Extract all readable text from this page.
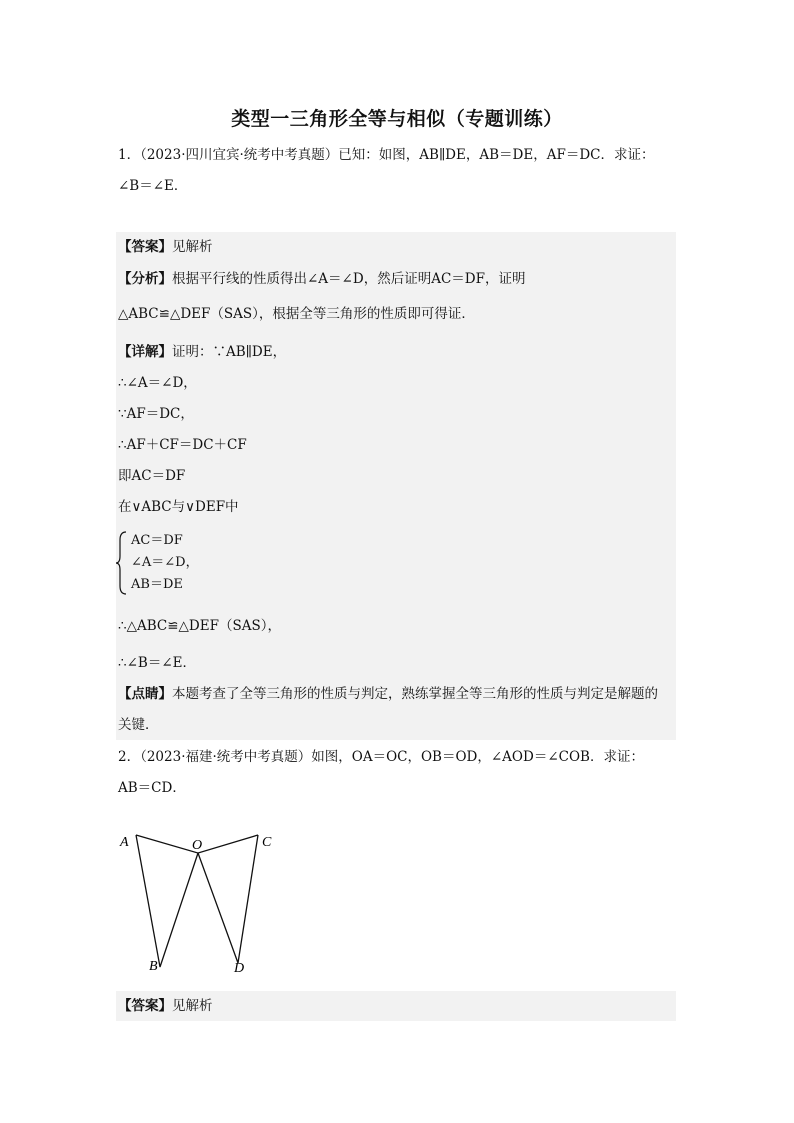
类型一三角形全等与相似（专题训练）
1．（2023·四川宜宾·统考中考真题）已知：如图，AB∥DE，AB＝DE，AF＝DC．求证：
∠B＝∠E．
【答案】见解析
【分析】根据平行线的性质得出∠A＝∠D，然后证明AC＝DF，证明
△ABC≌△DEF（SAS），根据全等三角形的性质即可得证．
【详解】证明：∵AB∥DE，
∴∠A＝∠D，
∵AF＝DC，
∴AF＋CF＝DC＋CF
即AC＝DF
在∨ABC与∨DEF中
AC＝DF
∠A＝∠D，
AB＝DE
∴△ABC≌△DEF（SAS），
∴∠B＝∠E．
【点睛】本题考查了全等三角形的性质与判定，熟练掌握全等三角形的性质与判定是解题的
关键．
2．（2023·福建·统考中考真题）如图，OA＝OC，OB＝OD，∠AOD＝∠COB．求证：
AB＝CD．
A	O	C
B	D
【答案】见解析
